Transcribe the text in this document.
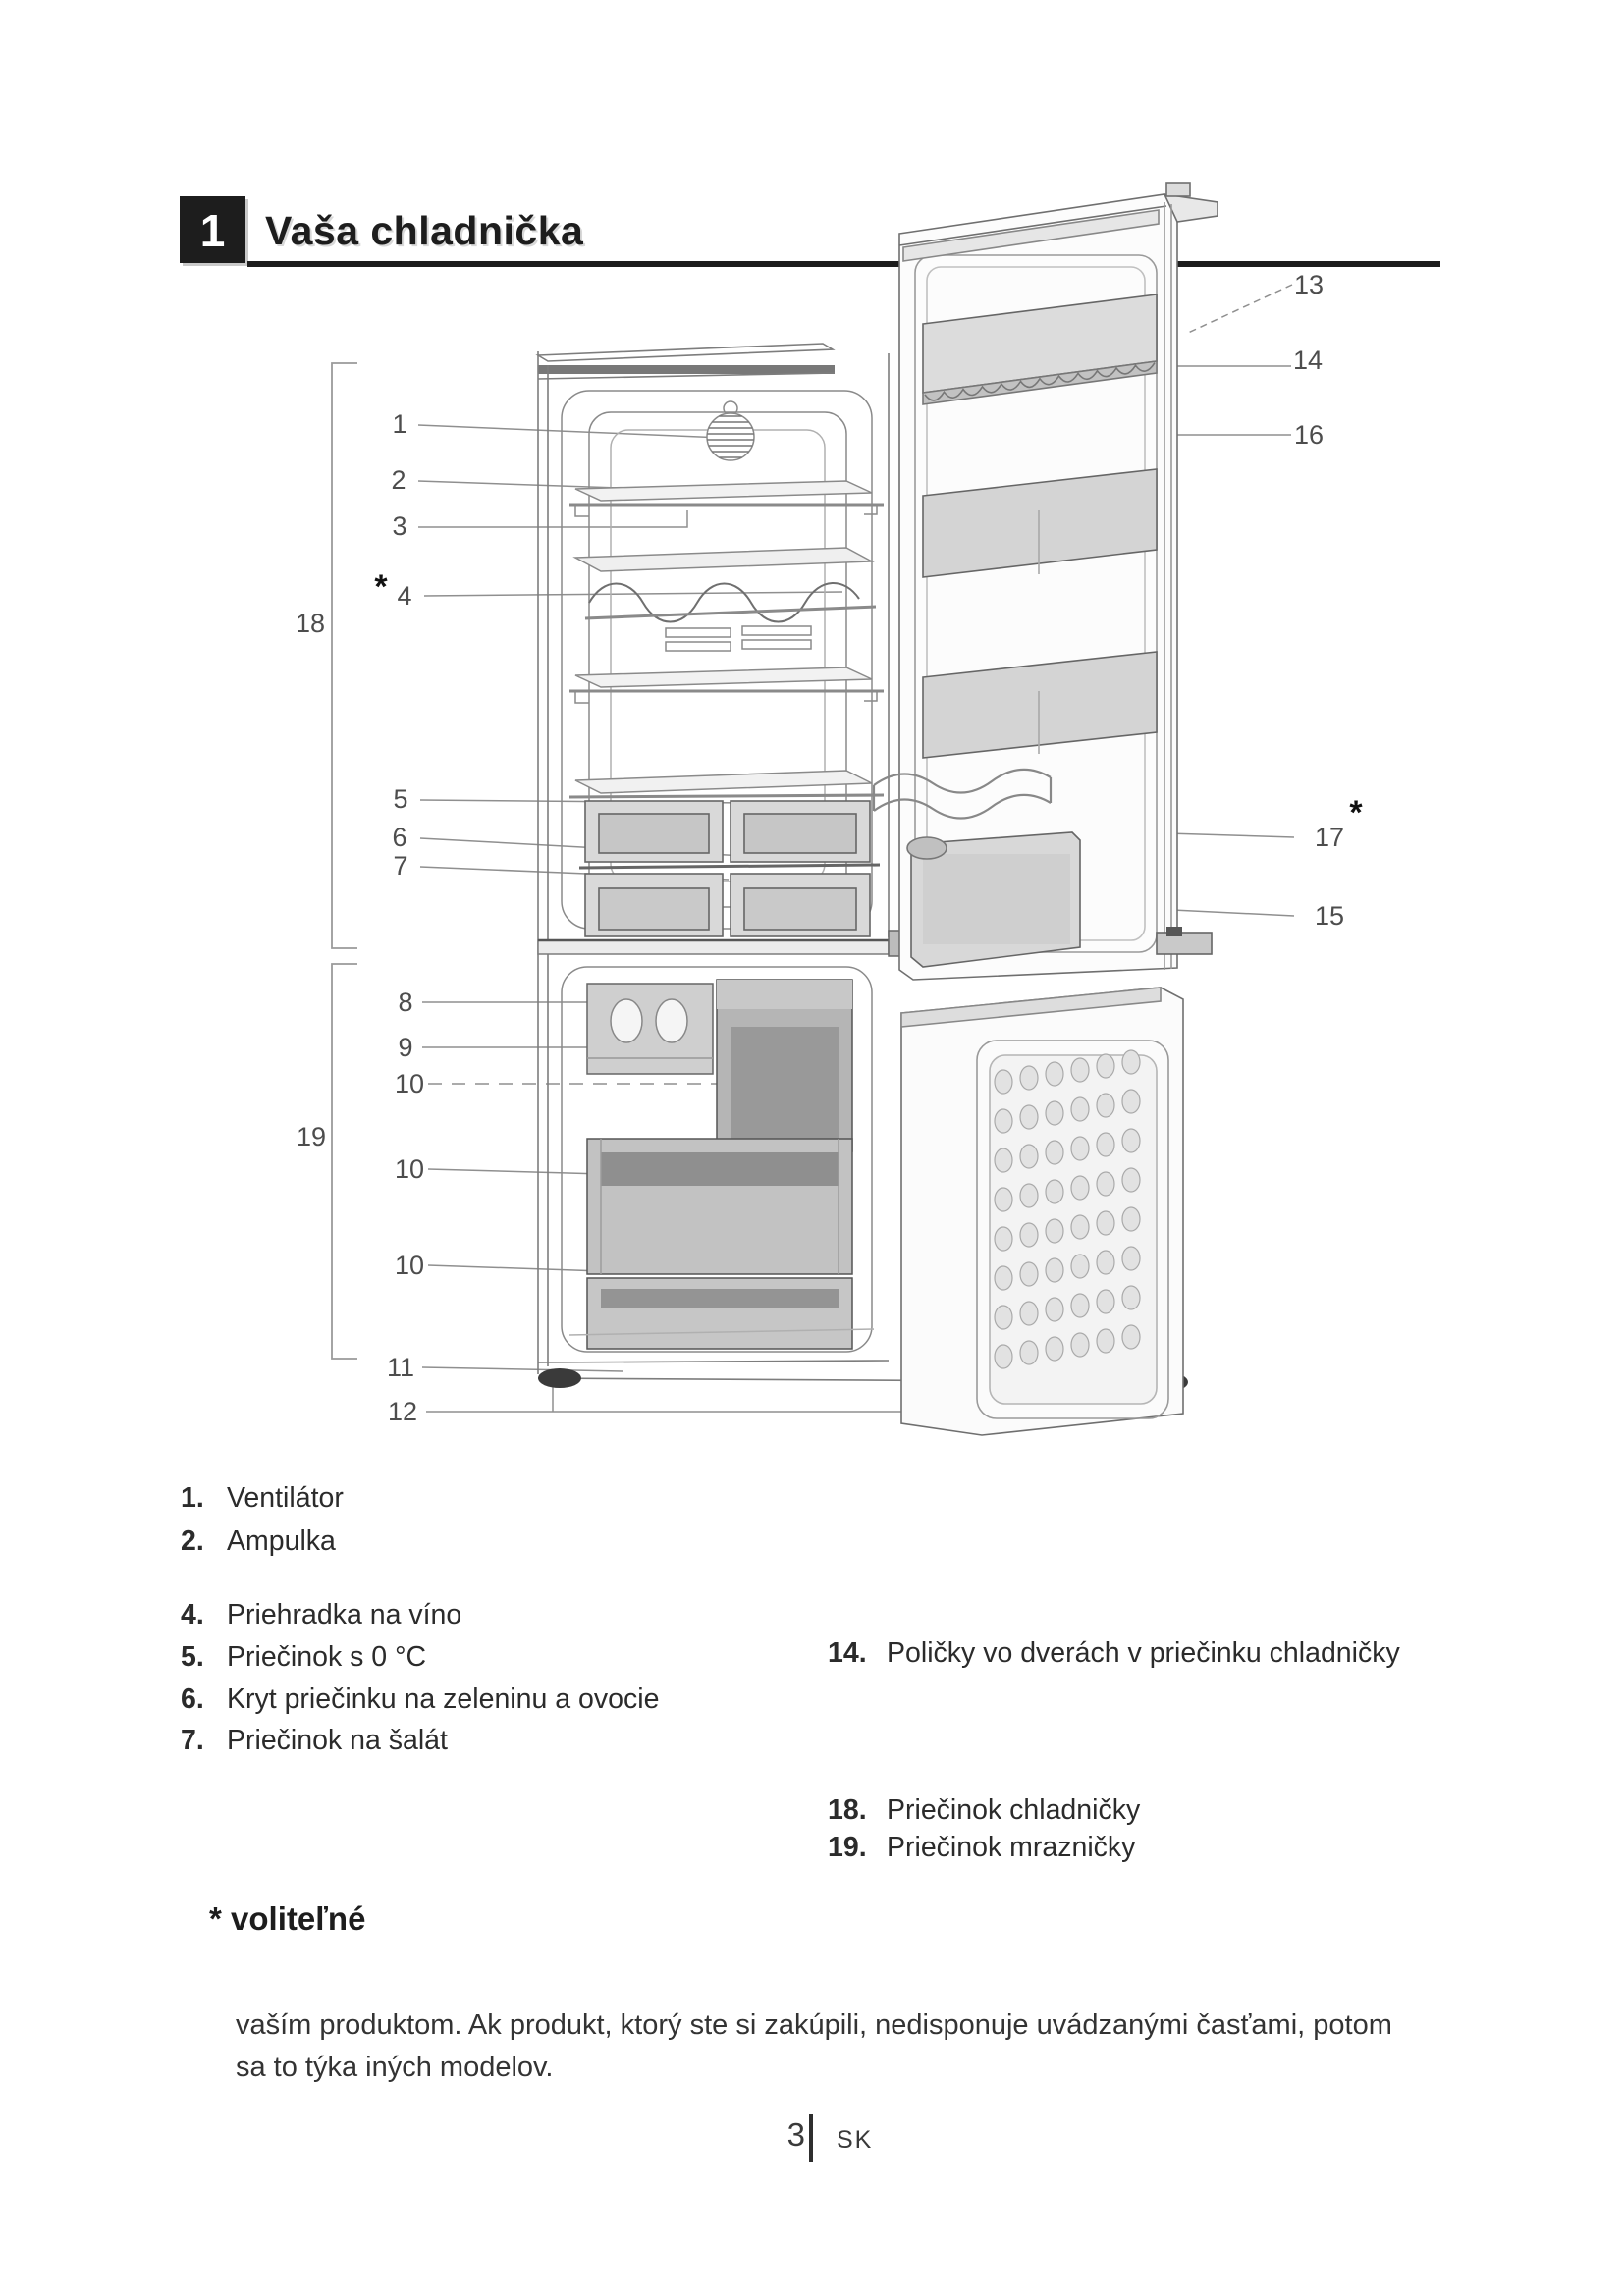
1 Vaša chladnička
1
2
3
* 4
18
5
6
7
8
9
10
19
10
10
11
12
13
14
16
*
17
15
1. Ventilátor
2. Ampulka
4. Priehradka na víno
5. Priečinok s 0 °C
6. Kryt priečinku na zeleninu a ovocie
7. Priečinok na šalát
14. Poličky vo dverách v priečinku chladničky
18. Priečinok chladničky
19. Priečinok mrazničky
* voliteľné
vaším produktom. Ak produkt, ktorý ste si zakúpili, nedisponuje uvádzanými časťami, potom sa to týka iných modelov.
3 SK
